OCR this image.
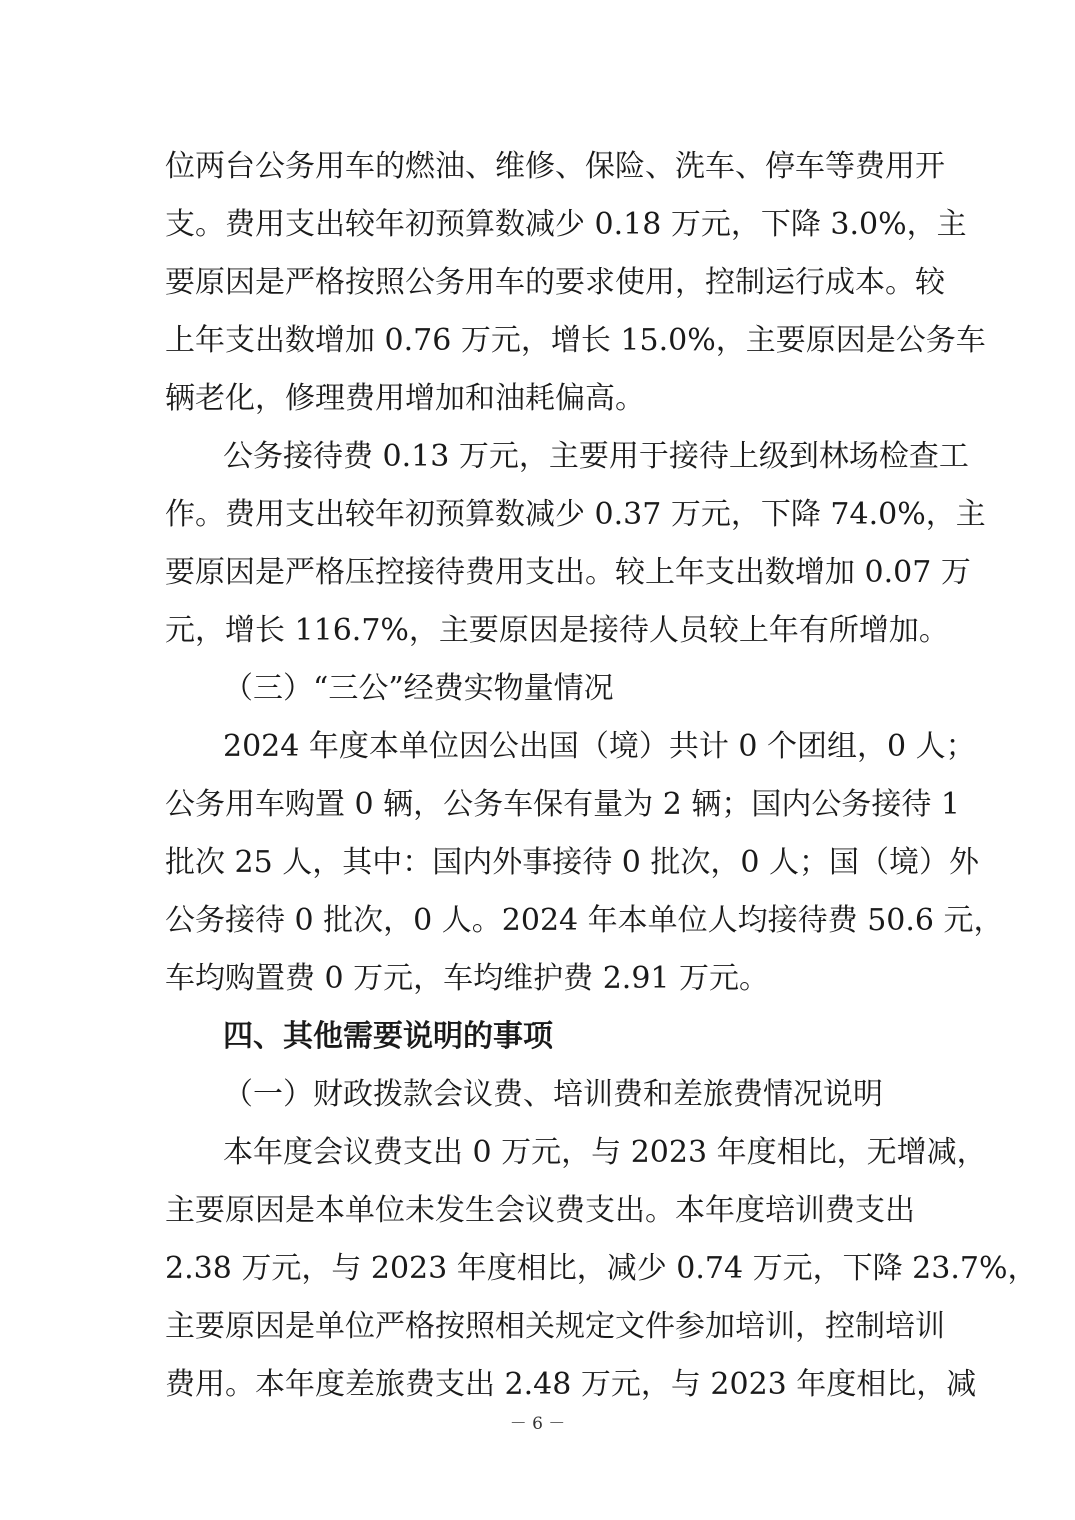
位两台公务用车的燃油、维修、保险、洗车、停车等费用开
支。费用支出较年初预算数减少 0.18 万元，下降 3.0%，主
要原因是严格按照公务用车的要求使用，控制运行成本。较
上年支出数增加 0.76 万元，增长 15.0%，主要原因是公务车
辆老化，修理费用增加和油耗偏高。
公务接待费 0.13 万元，主要用于接待上级到林场检查工
作。费用支出较年初预算数减少 0.37 万元，下降 74.0%，主
要原因是严格压控接待费用支出。较上年支出数增加 0.07 万
元，增长 116.7%，主要原因是接待人员较上年有所增加。
（三）“三公”经费实物量情况
2024 年度本单位因公出国（境）共计 0 个团组，0 人；
公务用车购置 0 辆，公务车保有量为 2 辆；国内公务接待 1
批次 25 人，其中：国内外事接待 0 批次，0 人；国（境）外
公务接待 0 批次，0 人。2024 年本单位人均接待费 50.6 元，
车均购置费 0 万元，车均维护费 2.91 万元。
四、其他需要说明的事项
（一）财政拨款会议费、培训费和差旅费情况说明
本年度会议费支出 0 万元，与 2023 年度相比，无增减，
主要原因是本单位未发生会议费支出。本年度培训费支出
2.38 万元，与 2023 年度相比，减少 0.74 万元，下降 23.7%，
主要原因是单位严格按照相关规定文件参加培训，控制培训
费用。本年度差旅费支出 2.48 万元，与 2023 年度相比，减
－ 6 －
